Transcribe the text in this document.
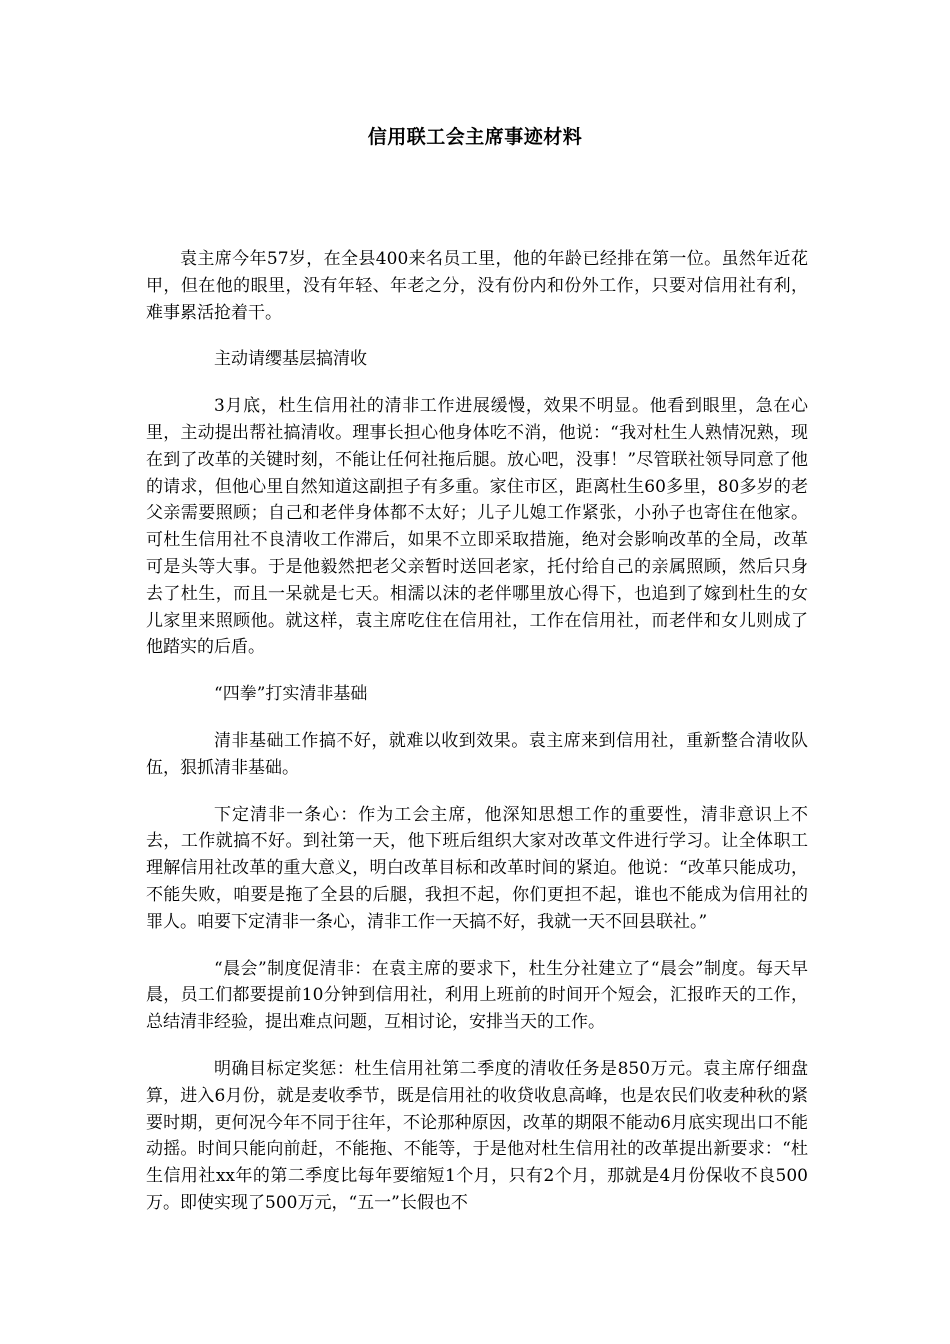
信用联工会主席事迹材料

袁主席今年57岁，在全县400来名员工里，他的年龄已经排在第一位。虽然年近花甲，但在他的眼里，没有年轻、年老之分，没有份内和份外工作，只要对信用社有利，难事累活抢着干。

主动请缨基层搞清收

3月底，杜生信用社的清非工作进展缓慢，效果不明显。他看到眼里，急在心里，主动提出帮社搞清收。理事长担心他身体吃不消，他说：“我对杜生人熟情况熟，现在到了改革的关键时刻，不能让任何社拖后腿。放心吧，没事！”尽管联社领导同意了他的请求，但他心里自然知道这副担子有多重。家住市区，距离杜生60多里，80多岁的老父亲需要照顾；自己和老伴身体都不太好；儿子儿媳工作紧张，小孙子也寄住在他家。可杜生信用社不良清收工作滞后，如果不立即采取措施，绝对会影响改革的全局，改革可是头等大事。于是他毅然把老父亲暂时送回老家，托付给自己的亲属照顾，然后只身去了杜生，而且一呆就是七天。相濡以沫的老伴哪里放心得下，也追到了嫁到杜生的女儿家里来照顾他。就这样，袁主席吃住在信用社，工作在信用社，而老伴和女儿则成了他踏实的后盾。

“四拳”打实清非基础

清非基础工作搞不好，就难以收到效果。袁主席来到信用社，重新整合清收队伍，狠抓清非基础。

下定清非一条心：作为工会主席，他深知思想工作的重要性，清非意识上不去，工作就搞不好。到社第一天，他下班后组织大家对改革文件进行学习。让全体职工理解信用社改革的重大意义，明白改革目标和改革时间的紧迫。他说：“改革只能成功，不能失败，咱要是拖了全县的后腿，我担不起，你们更担不起，谁也不能成为信用社的罪人。咱要下定清非一条心，清非工作一天搞不好，我就一天不回县联社。”

“晨会”制度促清非：在袁主席的要求下，杜生分社建立了“晨会”制度。每天早晨，员工们都要提前10分钟到信用社，利用上班前的时间开个短会，汇报昨天的工作，总结清非经验，提出难点问题，互相讨论，安排当天的工作。

明确目标定奖惩：杜生信用社第二季度的清收任务是850万元。袁主席仔细盘算，进入6月份，就是麦收季节，既是信用社的收贷收息高峰，也是农民们收麦种秋的紧要时期，更何况今年不同于往年，不论那种原因，改革的期限不能动6月底实现出口不能动摇。时间只能向前赶，不能拖、不能等，于是他对杜生信用社的改革提出新要求：“杜生信用社xx年的第二季度比每年要缩短1个月，只有2个月，那就是4月份保收不良500万。即使实现了500万元，“五一”长假也不
